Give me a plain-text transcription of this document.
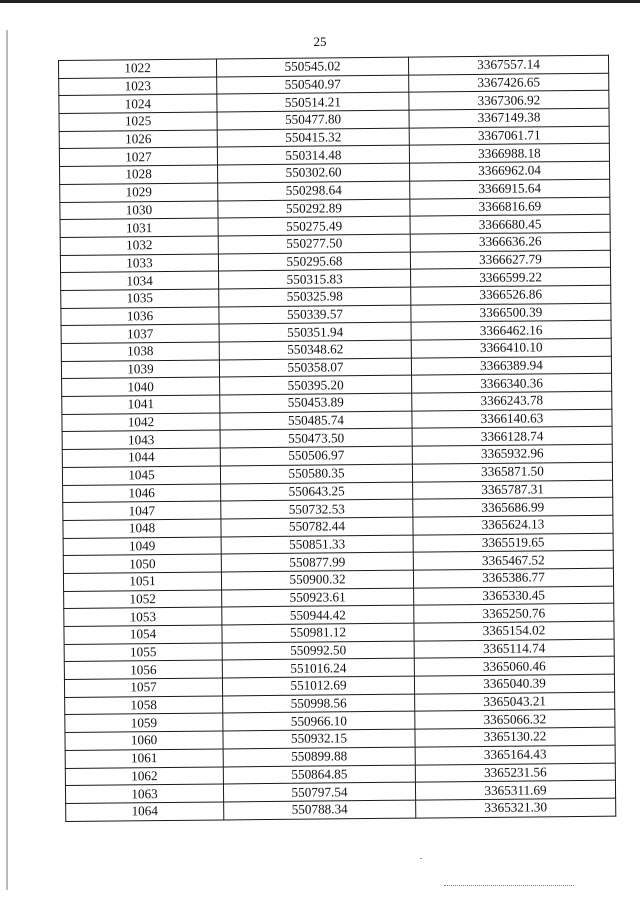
25
1022	550545.02	3367557.14
1023	550540.97	3367426.65
1024	550514.21	3367306.92
1025	550477.80	3367149.38
1026	550415.32	3367061.71
1027	550314.48	3366988.18
1028	550302.60	3366962.04
1029	550298.64	3366915.64
1030	550292.89	3366816.69
1031	550275.49	3366680.45
1032	550277.50	3366636.26
1033	550295.68	3366627.79
1034	550315.83	3366599.22
1035	550325.98	3366526.86
1036	550339.57	3366500.39
1037	550351.94	3366462.16
1038	550348.62	3366410.10
1039	550358.07	3366389.94
1040	550395.20	3366340.36
1041	550453.89	3366243.78
1042	550485.74	3366140.63
1043	550473.50	3366128.74
1044	550506.97	3365932.96
1045	550580.35	3365871.50
1046	550643.25	3365787.31
1047	550732.53	3365686.99
1048	550782.44	3365624.13
1049	550851.33	3365519.65
1050	550877.99	3365467.52
1051	550900.32	3365386.77
1052	550923.61	3365330.45
1053	550944.42	3365250.76
1054	550981.12	3365154.02
1055	550992.50	3365114.74
1056	551016.24	3365060.46
1057	551012.69	3365040.39
1058	550998.56	3365043.21
1059	550966.10	3365066.32
1060	550932.15	3365130.22
1061	550899.88	3365164.43
1062	550864.85	3365231.56
1063	550797.54	3365311.69
1064	550788.34	3365321.30
